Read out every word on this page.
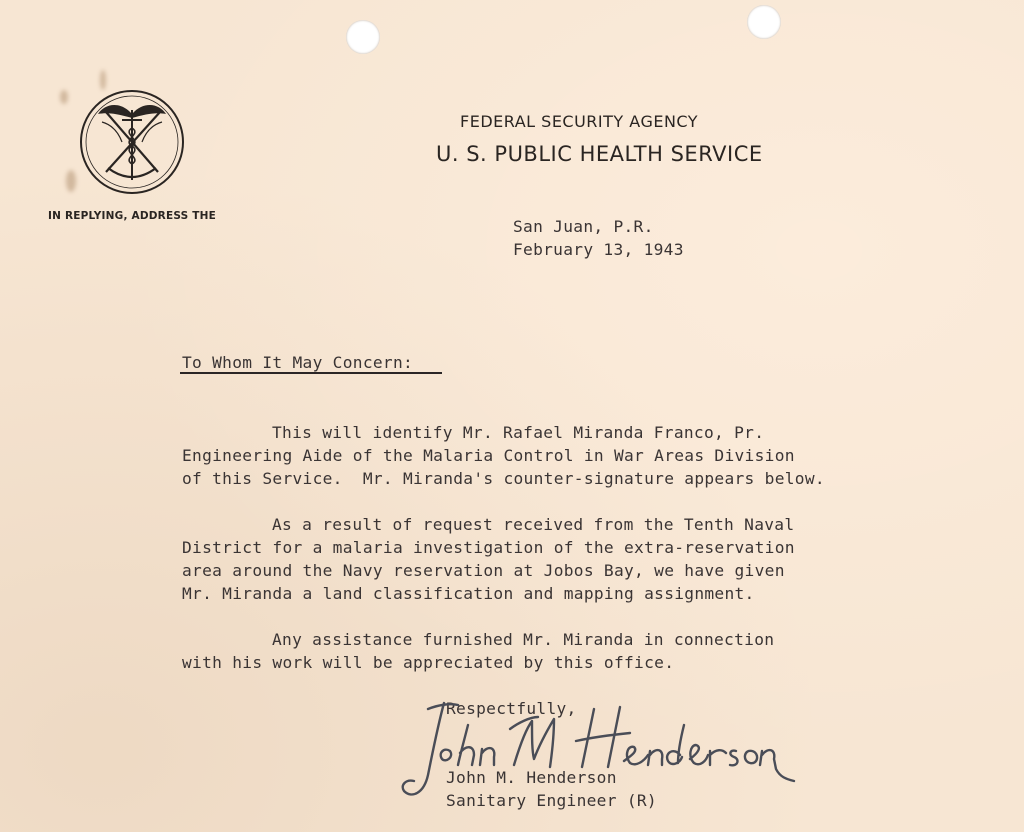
FEDERAL SECURITY AGENCY
U. S. PUBLIC HEALTH SERVICE
IN REPLYING, ADDRESS THE
San Juan, P.R.
February 13, 1943
To Whom It May Concern:
This will identify Mr. Rafael Miranda Franco, Pr.
Engineering Aide of the Malaria Control in War Areas Division
of this Service.  Mr. Miranda's counter-signature appears below.
As a result of request received from the Tenth Naval
District for a malaria investigation of the extra-reservation
area around the Navy reservation at Jobos Bay, we have given
Mr. Miranda a land classification and mapping assignment.
Any assistance furnished Mr. Miranda in connection
with his work will be appreciated by this office.
Respectfully,
John M. Henderson
Sanitary Engineer (R)
